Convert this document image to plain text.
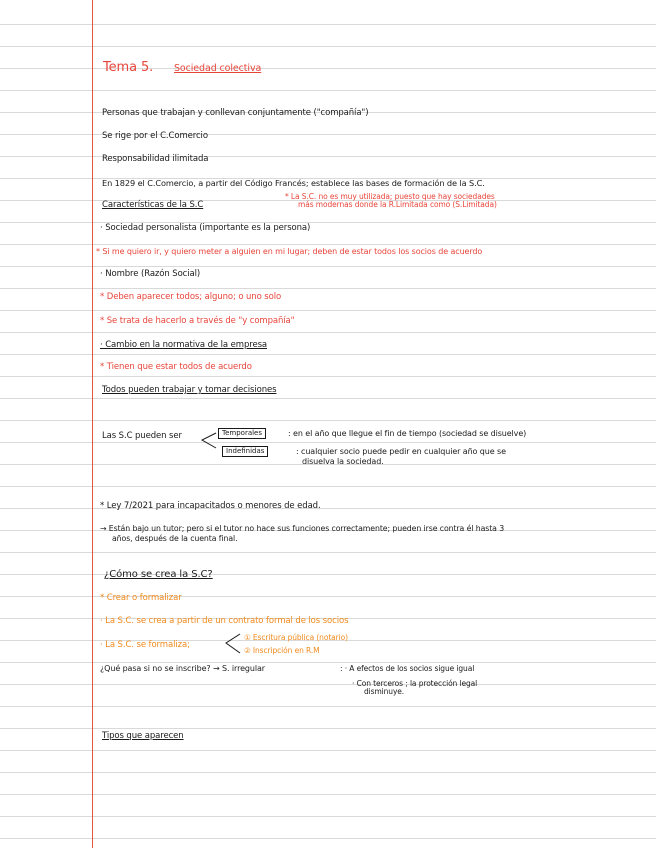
Tema 5. Sociedad colectiva
Personas que trabajan y conllevan conjuntamente ("compañía")
Se rige por el C.Comercio
Responsabilidad ilimitada
En 1829 el C.Comercio, a partir del Código Francés; establece las bases de formación de la S.C.
* La S.C. no es muy utilizada; puesto que hay sociedades
más modernas donde la R.Limitada como (S.Limitada)
Características de la S.C
· Sociedad personalista (importante es la persona)
* Si me quiero ir, y quiero meter a alguien en mi lugar; deben de estar todos los socios de acuerdo
· Nombre (Razón Social)
* Deben aparecer todos; alguno; o uno solo
* Se trata de hacerlo a través de "y compañía"
· Cambio en la normativa de la empresa
* Tienen que estar todos de acuerdo
Todos pueden trabajar y tomar decisiones
Las S.C pueden ser	Temporales	: en el año que llegue el fin de tiempo (sociedad se disuelve)
Indefinidas	: cualquier socio puede pedir en cualquier año que se
disuelva la sociedad.
* Ley 7/2021 para incapacitados o menores de edad.
→ Están bajo un tutor; pero si el tutor no hace sus funciones correctamente; pueden irse contra él hasta 3
años, después de la cuenta final.
¿Cómo se crea la S.C?
* Crear o formalizar
· La S.C. se crea a partir de un contrato formal de los socios
· La S.C. se formaliza;
① Escritura pública (notario)
② Inscripción en R.M
¿Qué pasa si no se inscribe? → S. irregular	: · A efectos de los socios sigue igual
· Con terceros ; la protección legal
disminuye.
Tipos que aparecen
